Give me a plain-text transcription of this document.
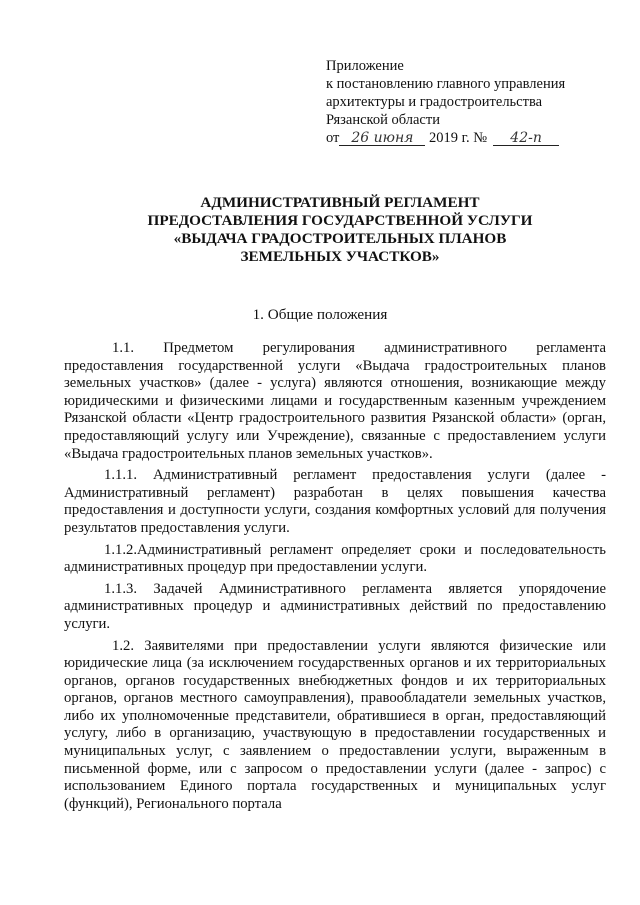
Приложение
к постановлению главного управления
архитектуры и градостроительства
Рязанской области
от 26 июня 2019 г. № 42-п
АДМИНИСТРАТИВНЫЙ РЕГЛАМЕНТ
ПРЕДОСТАВЛЕНИЯ ГОСУДАРСТВЕННОЙ УСЛУГИ
«ВЫДАЧА ГРАДОСТРОИТЕЛЬНЫХ ПЛАНОВ
ЗЕМЕЛЬНЫХ УЧАСТКОВ»
1. Общие положения

1.1. Предметом регулирования административного регламента предоставления государственной услуги «Выдача градостроительных планов земельных участков» (далее - услуга) являются отношения, возникающие между юридическими и физическими лицами и государственным казенным учреждением Рязанской области «Центр градостроительного развития Рязанской области» (орган, предоставляющий услугу или Учреждение), связанные с предоставлением услуги «Выдача градостроительных планов земельных участков».

1.1.1. Административный регламент предоставления услуги (далее - Административный регламент) разработан в целях повышения качества предоставления и доступности услуги, создания комфортных условий для получения результатов предоставления услуги.

1.1.2.Административный регламент определяет сроки и последовательность административных процедур при предоставлении услуги.

1.1.3. Задачей Административного регламента является упорядочение административных процедур и административных действий по предоставлению услуги.

1.2. Заявителями при предоставлении услуги являются физические или юридические лица (за исключением государственных органов и их территориальных органов, органов государственных внебюджетных фондов и их территориальных органов, органов местного самоуправления), правообладатели земельных участков, либо их уполномоченные представители, обратившиеся в орган, предоставляющий услугу, либо в организацию, участвующую в предоставлении государственных и муниципальных услуг, с заявлением о предоставлении услуги, выраженным в письменной форме, или с запросом о предоставлении услуги (далее - запрос) с использованием Единого портала государственных и муниципальных услуг (функций), Регионального портала
